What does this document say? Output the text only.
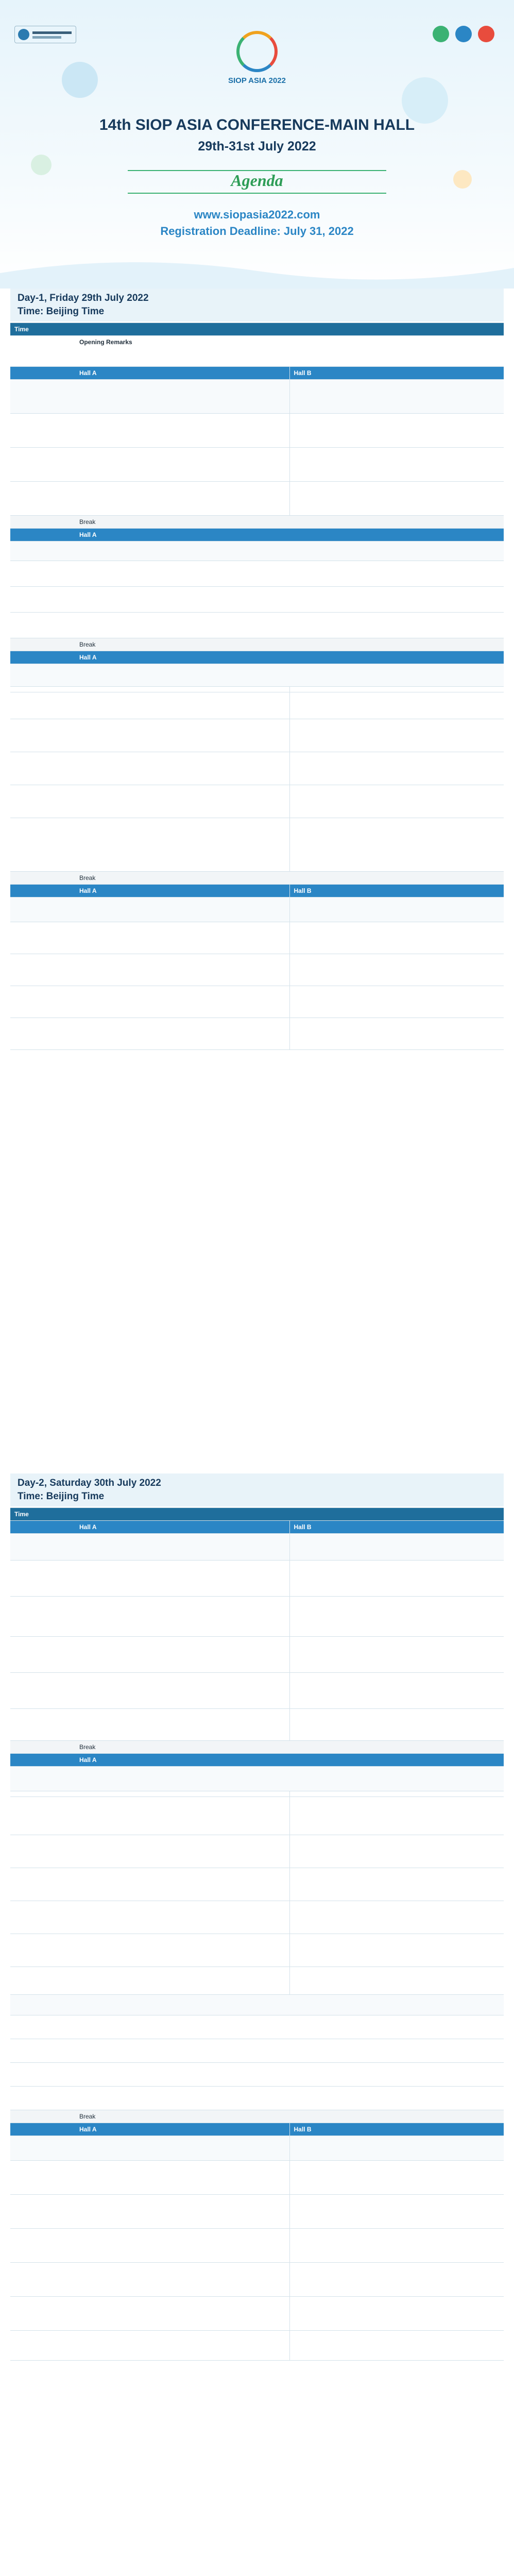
SIOP ASIA 2022
14th SIOP ASIA CONFERENCE-MAIN HALL
29th-31st July 2022
Agenda
www.siopasia2022.com
Registration Deadline: July 31, 2022
Day-1, Friday 29th July 2022
Time: Beijing Time
Time
Opening Remarks
Hall A	Hall B
Break
Hall A
Break
Hall A
Break
Hall A	Hall B
Day-2, Saturday 30th July 2022
Time: Beijing Time
Time
Hall A	Hall B
Break
Hall A
Break
Hall A	Hall B
